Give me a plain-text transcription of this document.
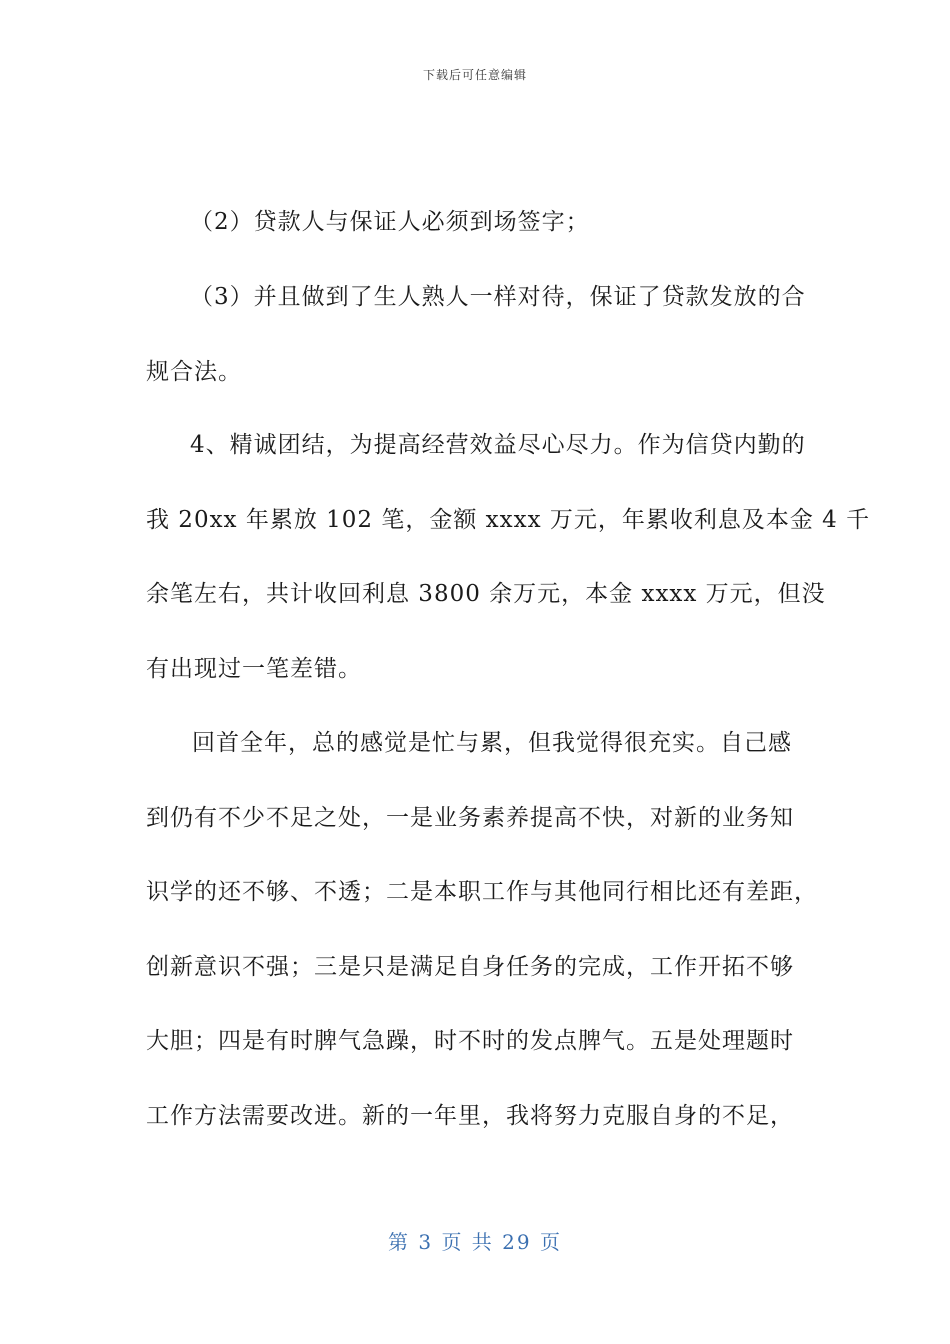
下载后可任意编辑
（2）贷款人与保证人必须到场签字；
（3）并且做到了生人熟人一样对待，保证了贷款发放的合
规合法。
4、精诚团结，为提高经营效益尽心尽力。作为信贷内勤的
我 20xx 年累放 102 笔，金额 xxxx 万元，年累收利息及本金 4 千
余笔左右，共计收回利息 3800 余万元，本金 xxxx 万元，但没
有出现过一笔差错。
回首全年，总的感觉是忙与累，但我觉得很充实。自己感
到仍有不少不足之处，一是业务素养提高不快，对新的业务知
识学的还不够、不透；二是本职工作与其他同行相比还有差距，
创新意识不强；三是只是满足自身任务的完成，工作开拓不够
大胆；四是有时脾气急躁，时不时的发点脾气。五是处理题时
工作方法需要改进。新的一年里，我将努力克服自身的不足，
第 3 页 共 29 页
